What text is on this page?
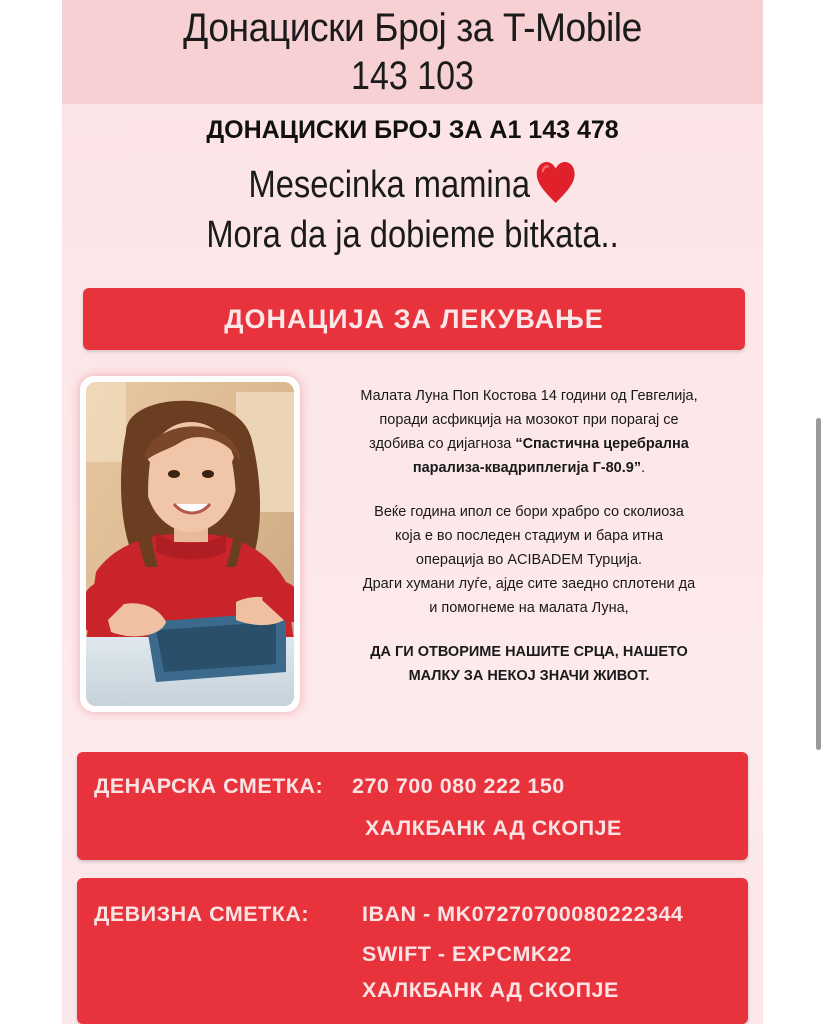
Донациски Број за T-Mobile
143 103
ДОНАЦИСКИ БРОЈ ЗА А1 143 478
Mesecinka mamina
Mora da ja dobieme bitkata..
ДОНАЦИЈА ЗА ЛЕКУВАЊЕ

Малата Луна Поп Костова 14 години од Гевгелија,

поради асфикција на мозокот при порагај се

здобива со дијагноза “Спастична церебрална

парализа-квадриплегија Г-80.9”.

Веќе година ипол се бори храбро со сколиоза

која е во последен стадиум и бара итна

операција во ACIBADEM Турција.

Драги хумани луѓе, ајде сите заедно сплотени да

и помогнеме на малата Луна,

ДА ГИ ОТВОРИМЕ НАШИТЕ СРЦА, НАШЕТО

МАЛКУ ЗА НЕКОЈ ЗНАЧИ ЖИВОТ.

ДЕНАРСКА СМЕТКА: 270 700 080 222 150
ХАЛКБАНК АД СКОПЈЕ
ДЕВИЗНА СМЕТКА: IBAN - MK07270700080222344
SWIFT - EXPCMK22
ХАЛКБАНК АД СКОПЈЕ
